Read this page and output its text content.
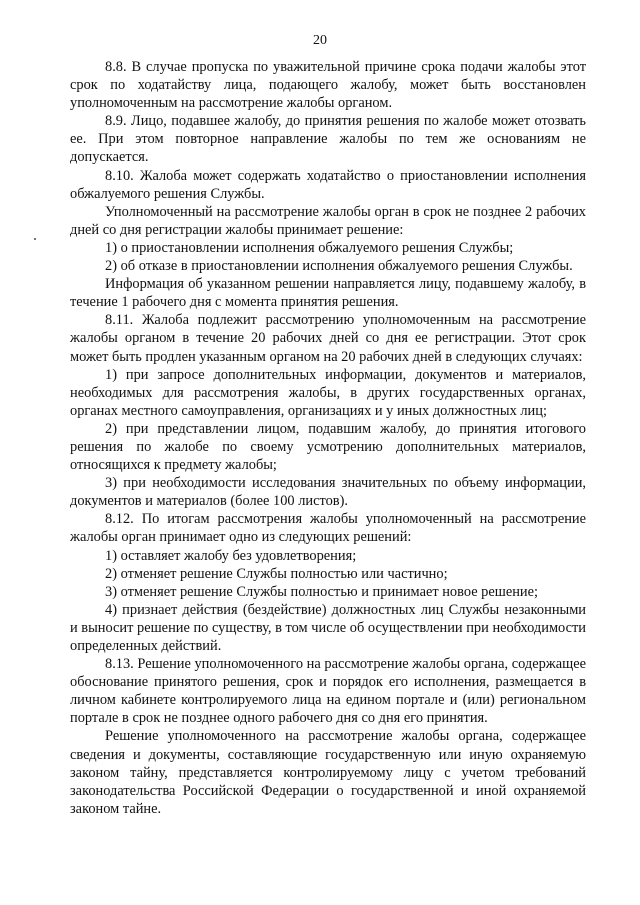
20

8.8. В случае пропуска по уважительной причине срока подачи жалобы этот срок по ходатайству лица, подающего жалобу, может быть восстановлен уполномоченным на рассмотрение жалобы органом.

8.9. Лицо, подавшее жалобу, до принятия решения по жалобе может отозвать ее. При этом повторное направление жалобы по тем же основаниям не допускается.

8.10. Жалоба может содержать ходатайство о приостановлении исполнения обжалуемого решения Службы.

Уполномоченный на рассмотрение жалобы орган в срок не позднее 2 рабочих дней со дня регистрации жалобы принимает решение:

1) о приостановлении исполнения обжалуемого решения Службы;

2) об отказе в приостановлении исполнения обжалуемого решения Службы.

Информация об указанном решении направляется лицу, подавшему жалобу, в течение 1 рабочего дня с момента принятия решения.

8.11. Жалоба подлежит рассмотрению уполномоченным на рассмотрение жалобы органом в течение 20 рабочих дней со дня ее регистрации. Этот срок может быть продлен указанным органом на 20 рабочих дней в следующих случаях:

1) при запросе дополнительных информации, документов и материалов, необходимых для рассмотрения жалобы, в других государственных органах, органах местного самоуправления, организациях и у иных должностных лиц;

2) при представлении лицом, подавшим жалобу, до принятия итогового решения по жалобе по своему усмотрению дополнительных материалов, относящихся к предмету жалобы;

3) при необходимости исследования значительных по объему информации, документов и материалов (более 100 листов).

8.12. По итогам рассмотрения жалобы уполномоченный на рассмотрение жалобы орган принимает одно из следующих решений:

1) оставляет жалобу без удовлетворения;

2) отменяет решение Службы полностью или частично;

3) отменяет решение Службы полностью и принимает новое решение;

4) признает действия (бездействие) должностных лиц Службы незаконными и выносит решение по существу, в том числе об осуществлении при необходимости определенных действий.

8.13. Решение уполномоченного на рассмотрение жалобы органа, содержащее обоснование принятого решения, срок и порядок его исполнения, размещается в личном кабинете контролируемого лица на едином портале и (или) региональном портале в срок не позднее одного рабочего дня со дня его принятия.

Решение уполномоченного на рассмотрение жалобы органа, содержащее сведения и документы, составляющие государственную или иную охраняемую законом тайну, представляется контролируемому лицу с учетом требований законодательства Российской Федерации о государственной и иной охраняемой законом тайне.
